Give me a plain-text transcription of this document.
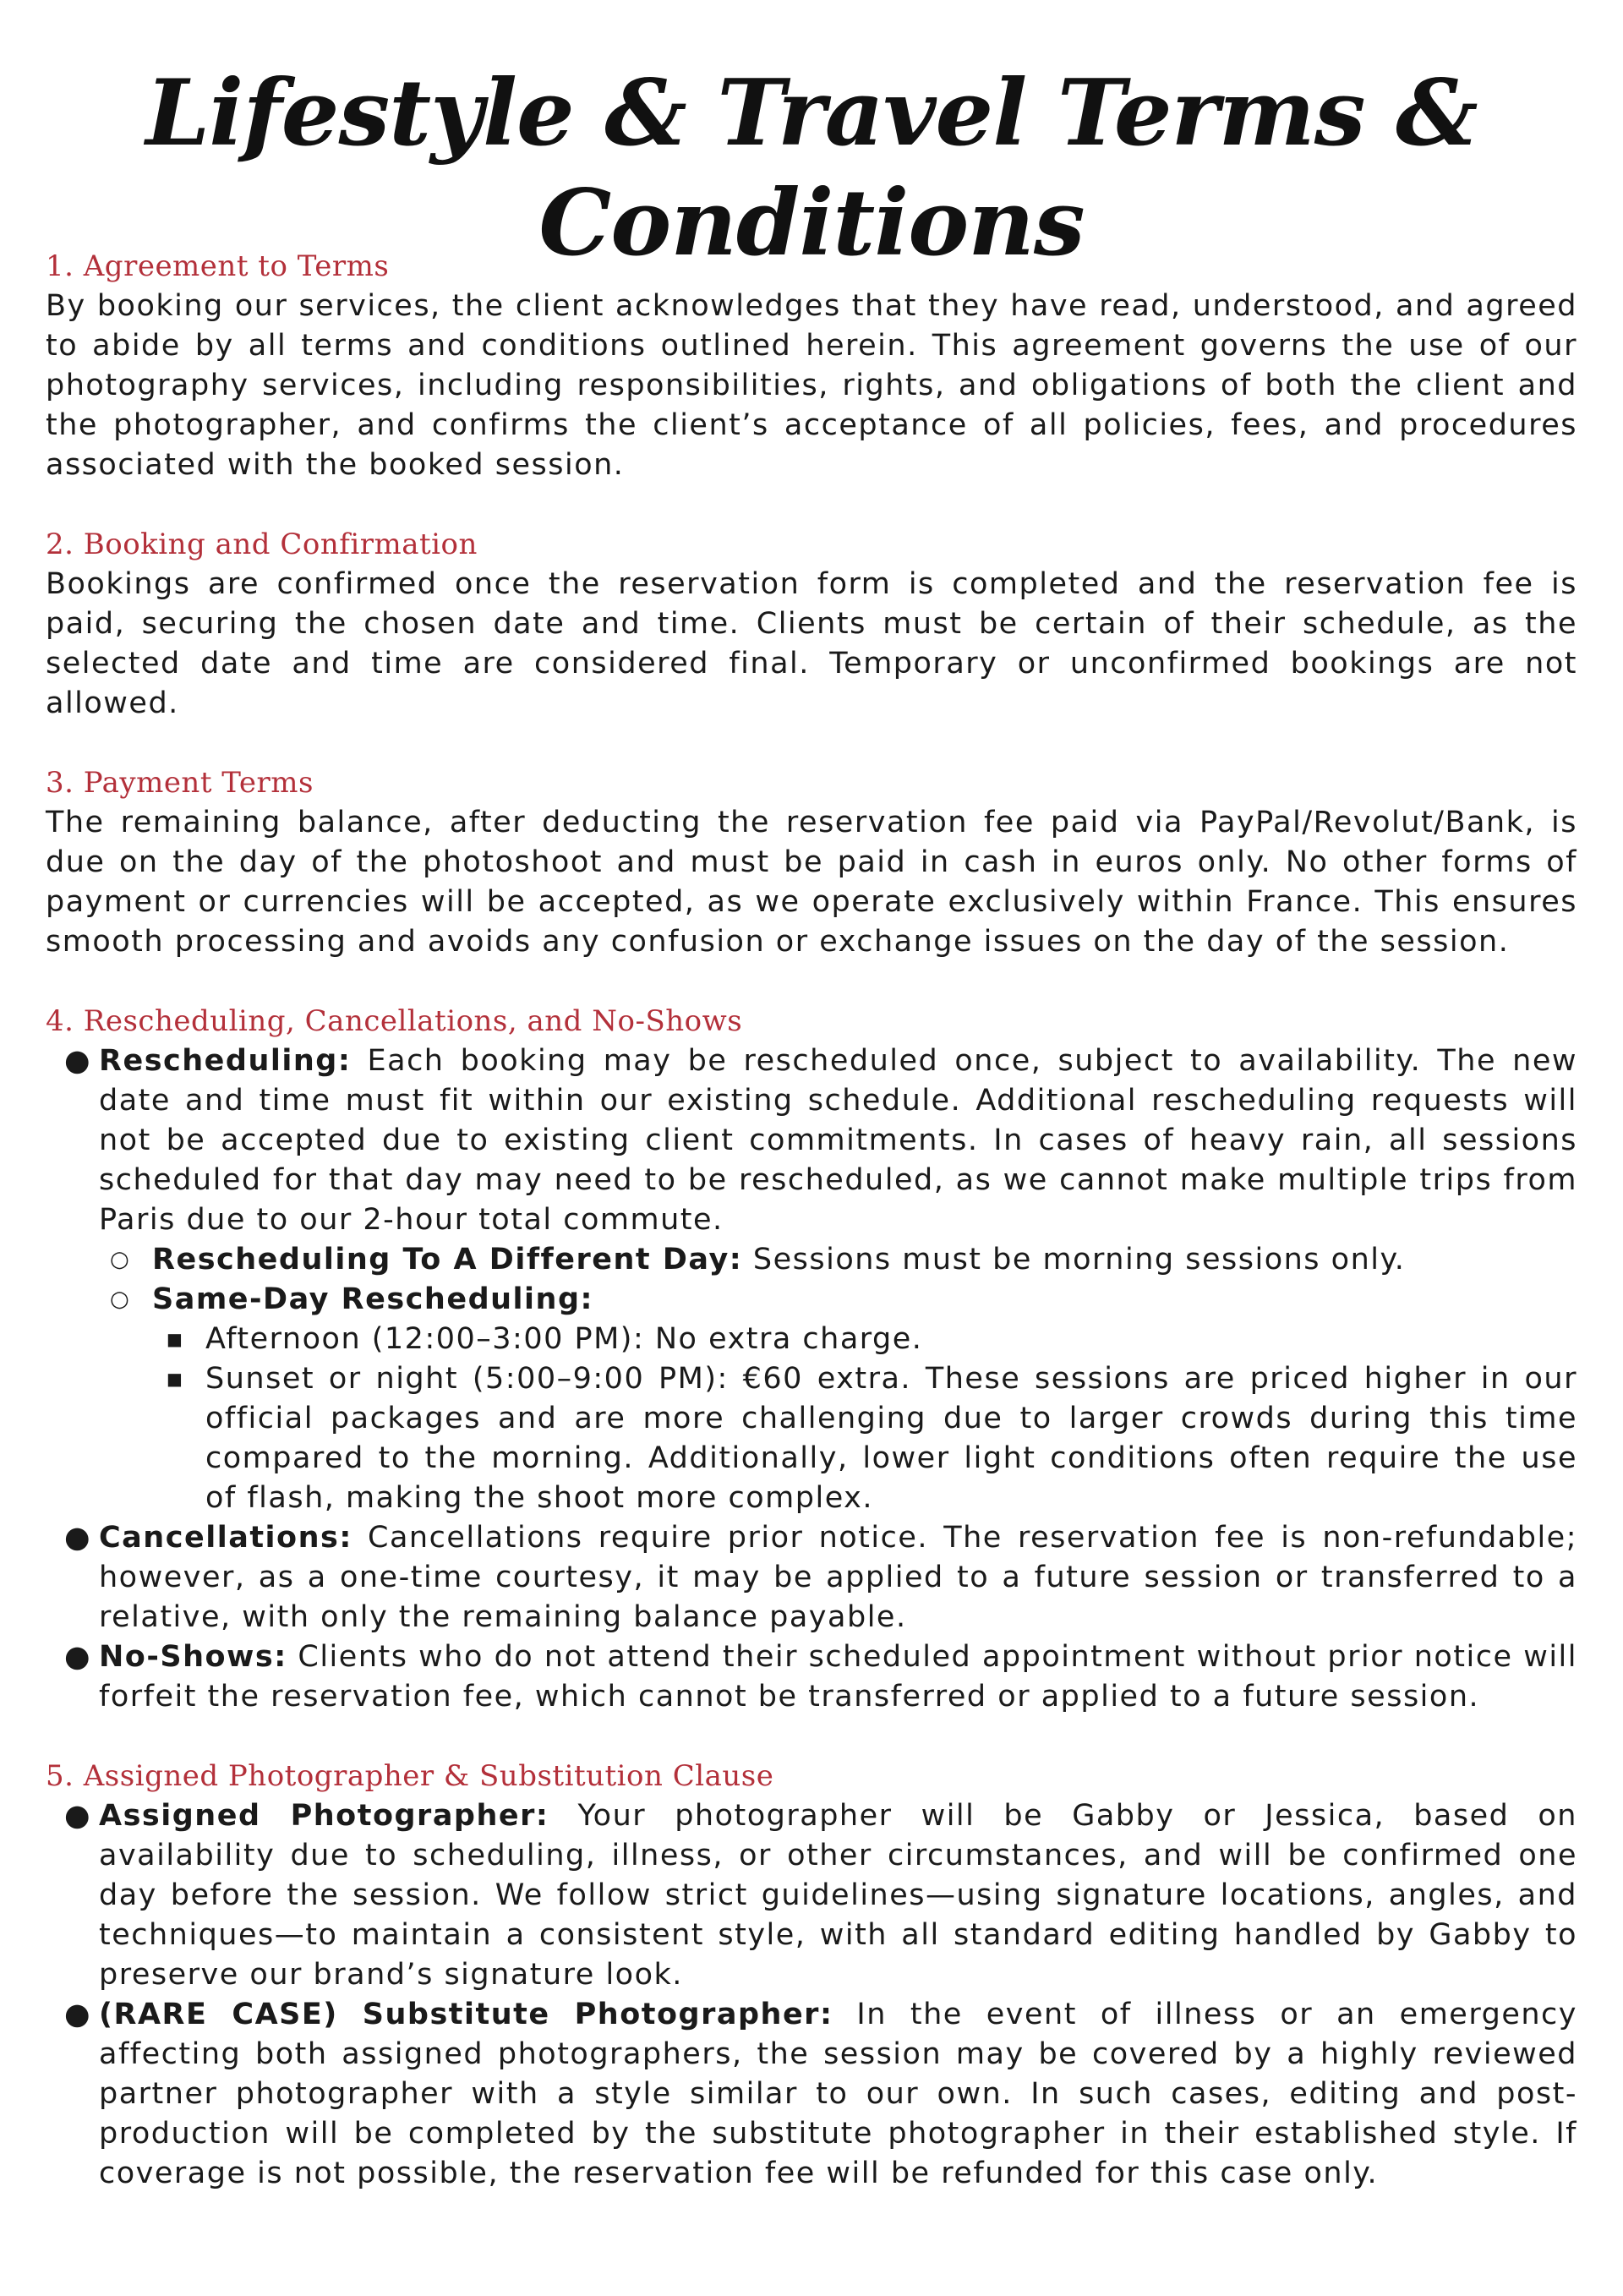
Lifestyle & Travel Terms & Conditions
1. Agreement to Terms

By booking our services, the client acknowledges that they have read, understood, and agreed to abide by all terms and conditions outlined herein. This agreement governs the use of our photography services, including responsibilities, rights, and obligations of both the client and the photographer, and confirms the client’s acceptance of all policies, fees, and procedures associated with the booked session.

2. Booking and Confirmation

Bookings are confirmed once the reservation form is completed and the reservation fee is paid, securing the chosen date and time. Clients must be certain of their schedule, as the selected date and time are considered final. Temporary or unconfirmed bookings are not allowed.

3. Payment Terms

The remaining balance, after deducting the reservation fee paid via PayPal/Revolut/Bank, is due on the day of the photoshoot and must be paid in cash in euros only. No other forms of payment or currencies will be accepted, as we operate exclusively within France. This ensures smooth processing and avoids any confusion or exchange issues on the day of the session.

4. Rescheduling, Cancellations, and No-Shows
● Rescheduling: Each booking may be rescheduled once, subject to availability. The new date and time must fit within our existing schedule. Additional rescheduling requests will not be accepted due to existing client commitments. In cases of heavy rain, all sessions scheduled for that day may need to be rescheduled, as we cannot make multiple trips from Paris due to our 2-hour total commute.
○ Rescheduling To A Different Day: Sessions must be morning sessions only.
○ Same-Day Rescheduling:
■ Afternoon (12:00–3:00 PM): No extra charge.
■ Sunset or night (5:00–9:00 PM): €60 extra. These sessions are priced higher in our official packages and are more challenging due to larger crowds during this time compared to the morning. Additionally, lower light conditions often require the use of flash, making the shoot more complex.
● Cancellations: Cancellations require prior notice. The reservation fee is non-refundable; however, as a one-time courtesy, it may be applied to a future session or transferred to a relative, with only the remaining balance payable.
● No-Shows: Clients who do not attend their scheduled appointment without prior notice will forfeit the reservation fee, which cannot be transferred or applied to a future session.
5. Assigned Photographer & Substitution Clause
● Assigned Photographer: Your photographer will be Gabby or Jessica, based on availability due to scheduling, illness, or other circumstances, and will be confirmed one day before the session. We follow strict guidelines—using signature locations, angles, and techniques—to maintain a consistent style, with all standard editing handled by Gabby to preserve our brand’s signature look.
● (RARE CASE) Substitute Photographer: In the event of illness or an emergency affecting both assigned photographers, the session may be covered by a highly reviewed partner photographer with a style similar to our own. In such cases, editing and post-production will be completed by the substitute photographer in their established style. If coverage is not possible, the reservation fee will be refunded for this case only.
